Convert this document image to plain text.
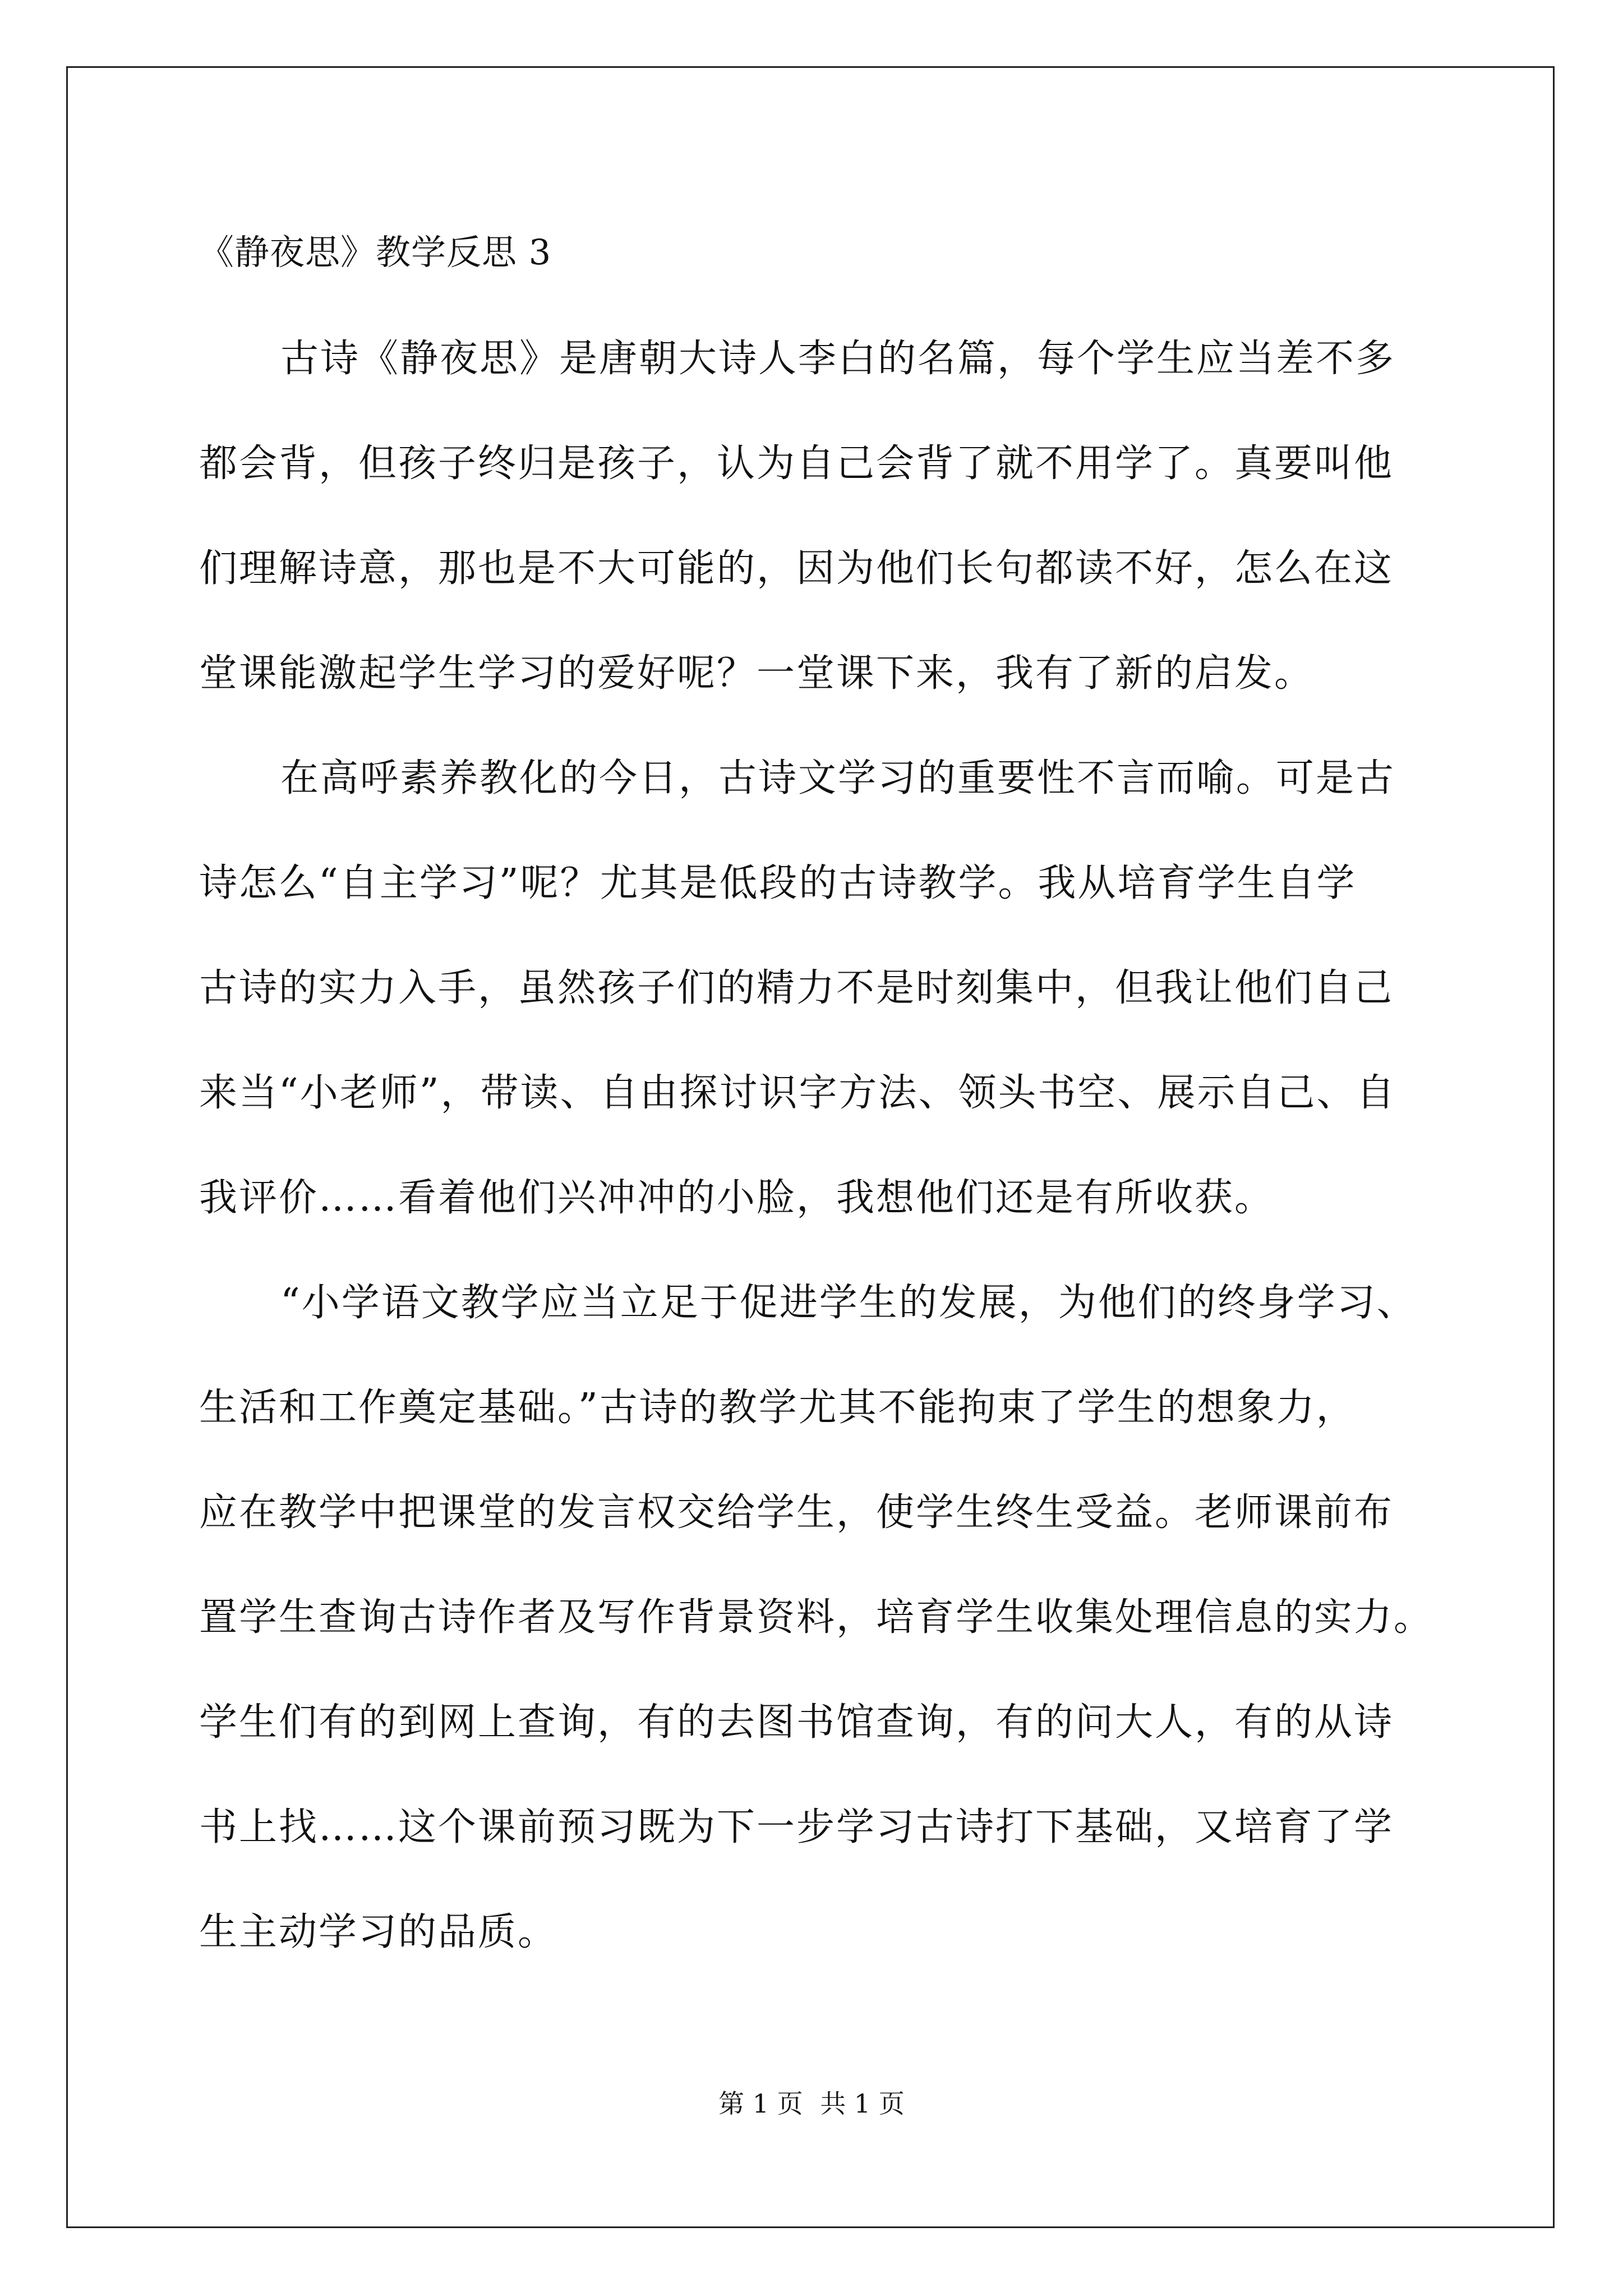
《静夜思》教学反思 3
古诗《静夜思》是唐朝大诗人李白的名篇，每个学生应当差不多
都会背，但孩子终归是孩子，认为自己会背了就不用学了。真要叫他
们理解诗意，那也是不大可能的，因为他们长句都读不好，怎么在这
堂课能激起学生学习的爱好呢？一堂课下来，我有了新的启发。
在高呼素养教化的今日，古诗文学习的重要性不言而喻。可是古
诗怎么“自主学习”呢？尤其是低段的古诗教学。我从培育学生自学
古诗的实力入手，虽然孩子们的精力不是时刻集中，但我让他们自己
来当“小老师”，带读、自由探讨识字方法、领头书空、展示自己、自
我评价……看着他们兴冲冲的小脸，我想他们还是有所收获。
“小学语文教学应当立足于促进学生的发展，为他们的终身学习、
生活和工作奠定基础。”古诗的教学尤其不能拘束了学生的想象力，
应在教学中把课堂的发言权交给学生，使学生终生受益。老师课前布
置学生查询古诗作者及写作背景资料，培育学生收集处理信息的实力。
学生们有的到网上查询，有的去图书馆查询，有的问大人，有的从诗
书上找……这个课前预习既为下一步学习古诗打下基础，又培育了学
生主动学习的品质。
第 1 页 共 1 页
